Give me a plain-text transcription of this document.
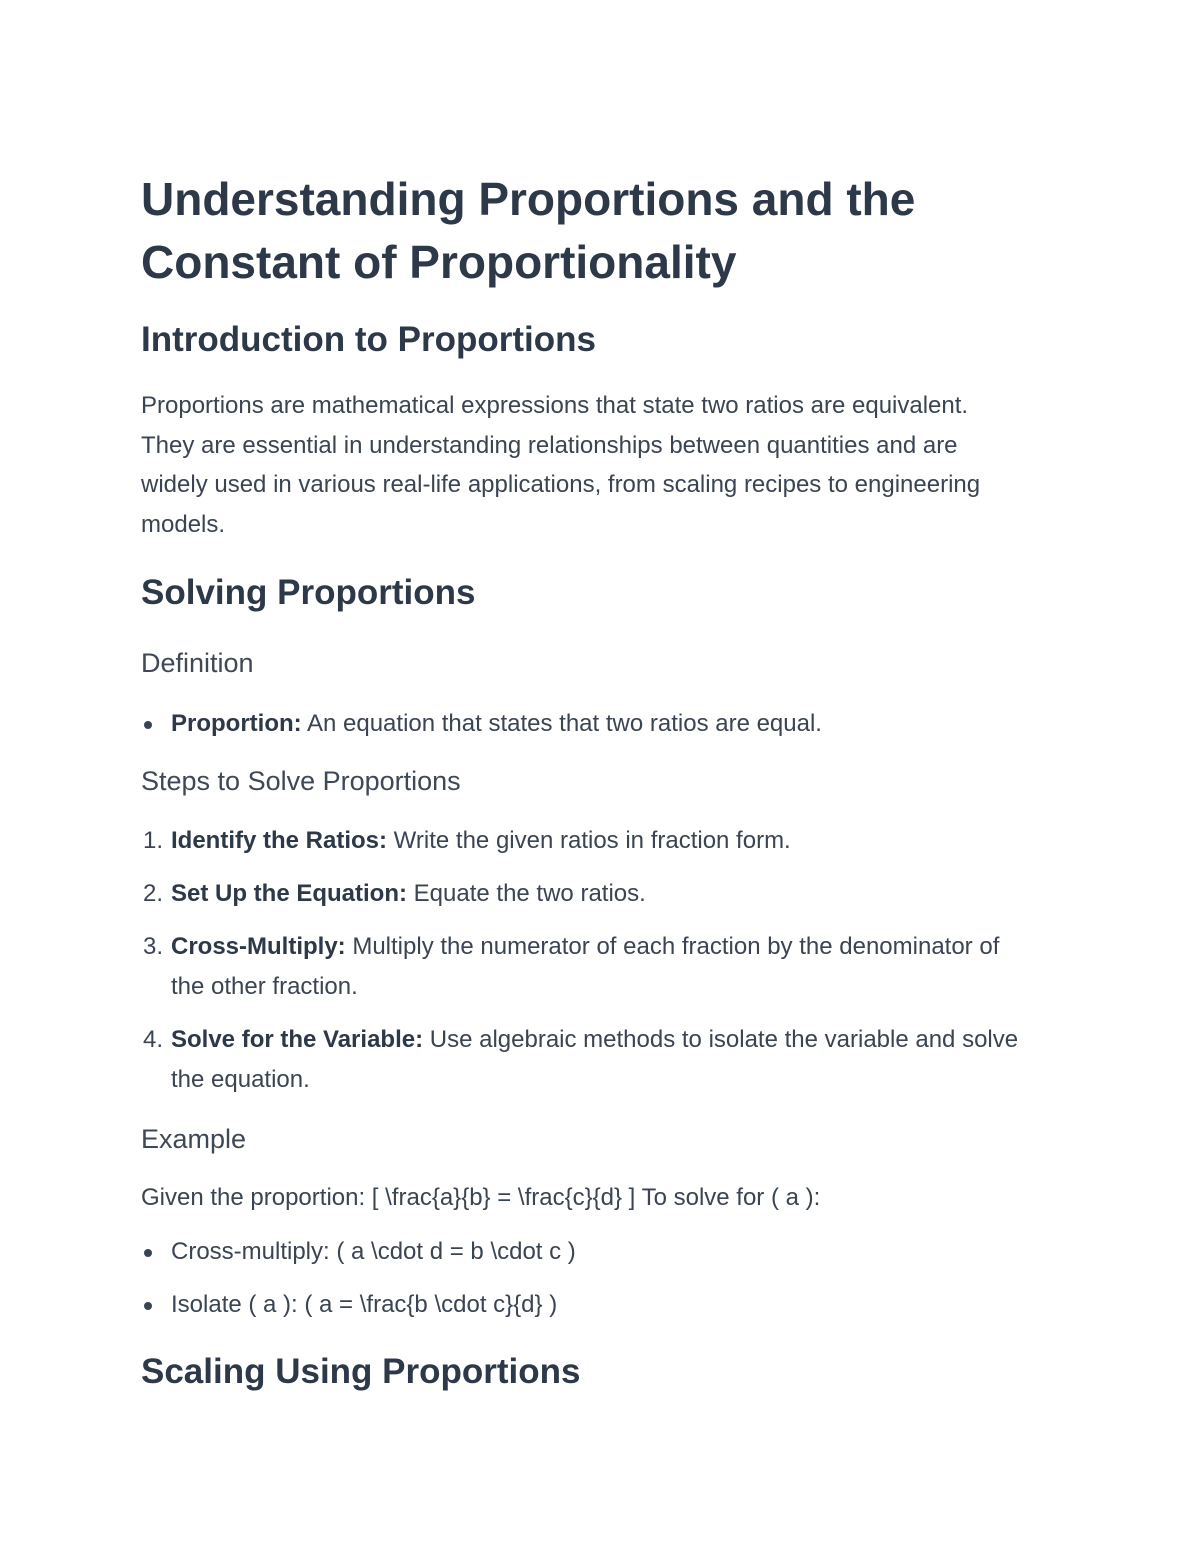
Understanding Proportions and the Constant of Proportionality
Introduction to Proportions

Proportions are mathematical expressions that state two ratios are equivalent. They are essential in understanding relationships between quantities and are widely used in various real-life applications, from scaling recipes to engineering models.

Solving Proportions
Definition
Proportion: An equation that states that two ratios are equal.
Steps to Solve Proportions
1. Identify the Ratios: Write the given ratios in fraction form.
2. Set Up the Equation: Equate the two ratios.
3. Cross-Multiply: Multiply the numerator of each fraction by the denominator of the other fraction.
4. Solve for the Variable: Use algebraic methods to isolate the variable and solve the equation.
Example

Given the proportion: [ \frac{a}{b} = \frac{c}{d} ] To solve for ( a ):

Cross-multiply: ( a \cdot d = b \cdot c )
Isolate ( a ): ( a = \frac{b \cdot c}{d} )
Scaling Using Proportions
